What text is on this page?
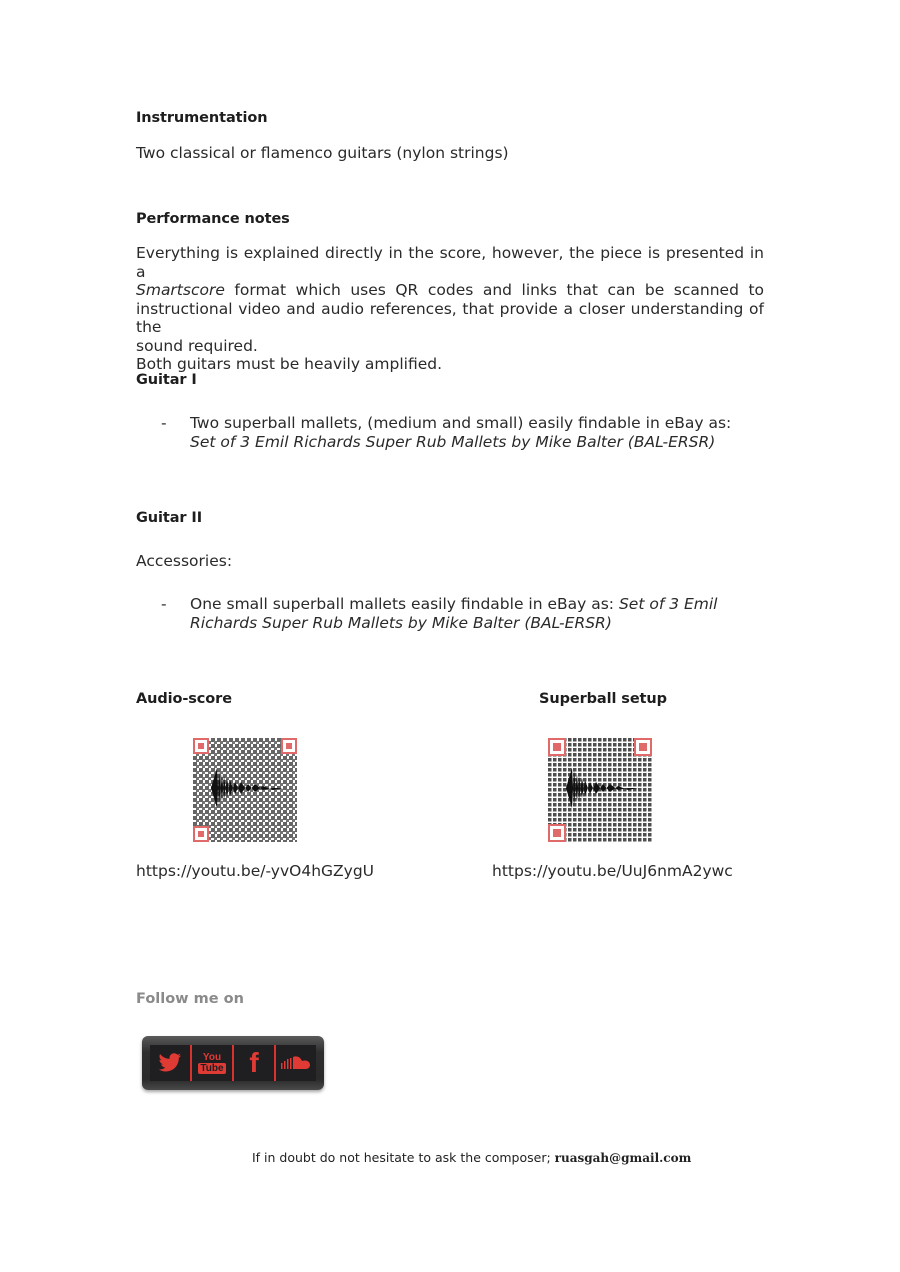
Instrumentation
Two classical or flamenco guitars (nylon strings)
Performance notes
Everything is explained directly in the score, however, the piece is presented in a
Smartscore format which uses QR codes and links that can be scanned to
instructional video and audio references, that provide a closer understanding of the
sound required.
Both guitars must be heavily amplified.
Guitar I
- Two superball mallets, (medium and small) easily findable in eBay as: Set of 3 Emil Richards Super Rub Mallets by Mike Balter (BAL-ERSR)
Guitar II
Accessories:
- One small superball mallets easily findable in eBay as: Set of 3 Emil Richards Super Rub Mallets by Mike Balter (BAL-ERSR)
Audio-score	Superball setup
https://youtu.be/-yvO4hGZygU	https://youtu.be/UuJ6nmA2ywc
Follow me on
You
Tube f
If in doubt do not hesitate to ask the composer; ruasgah@gmail.com
